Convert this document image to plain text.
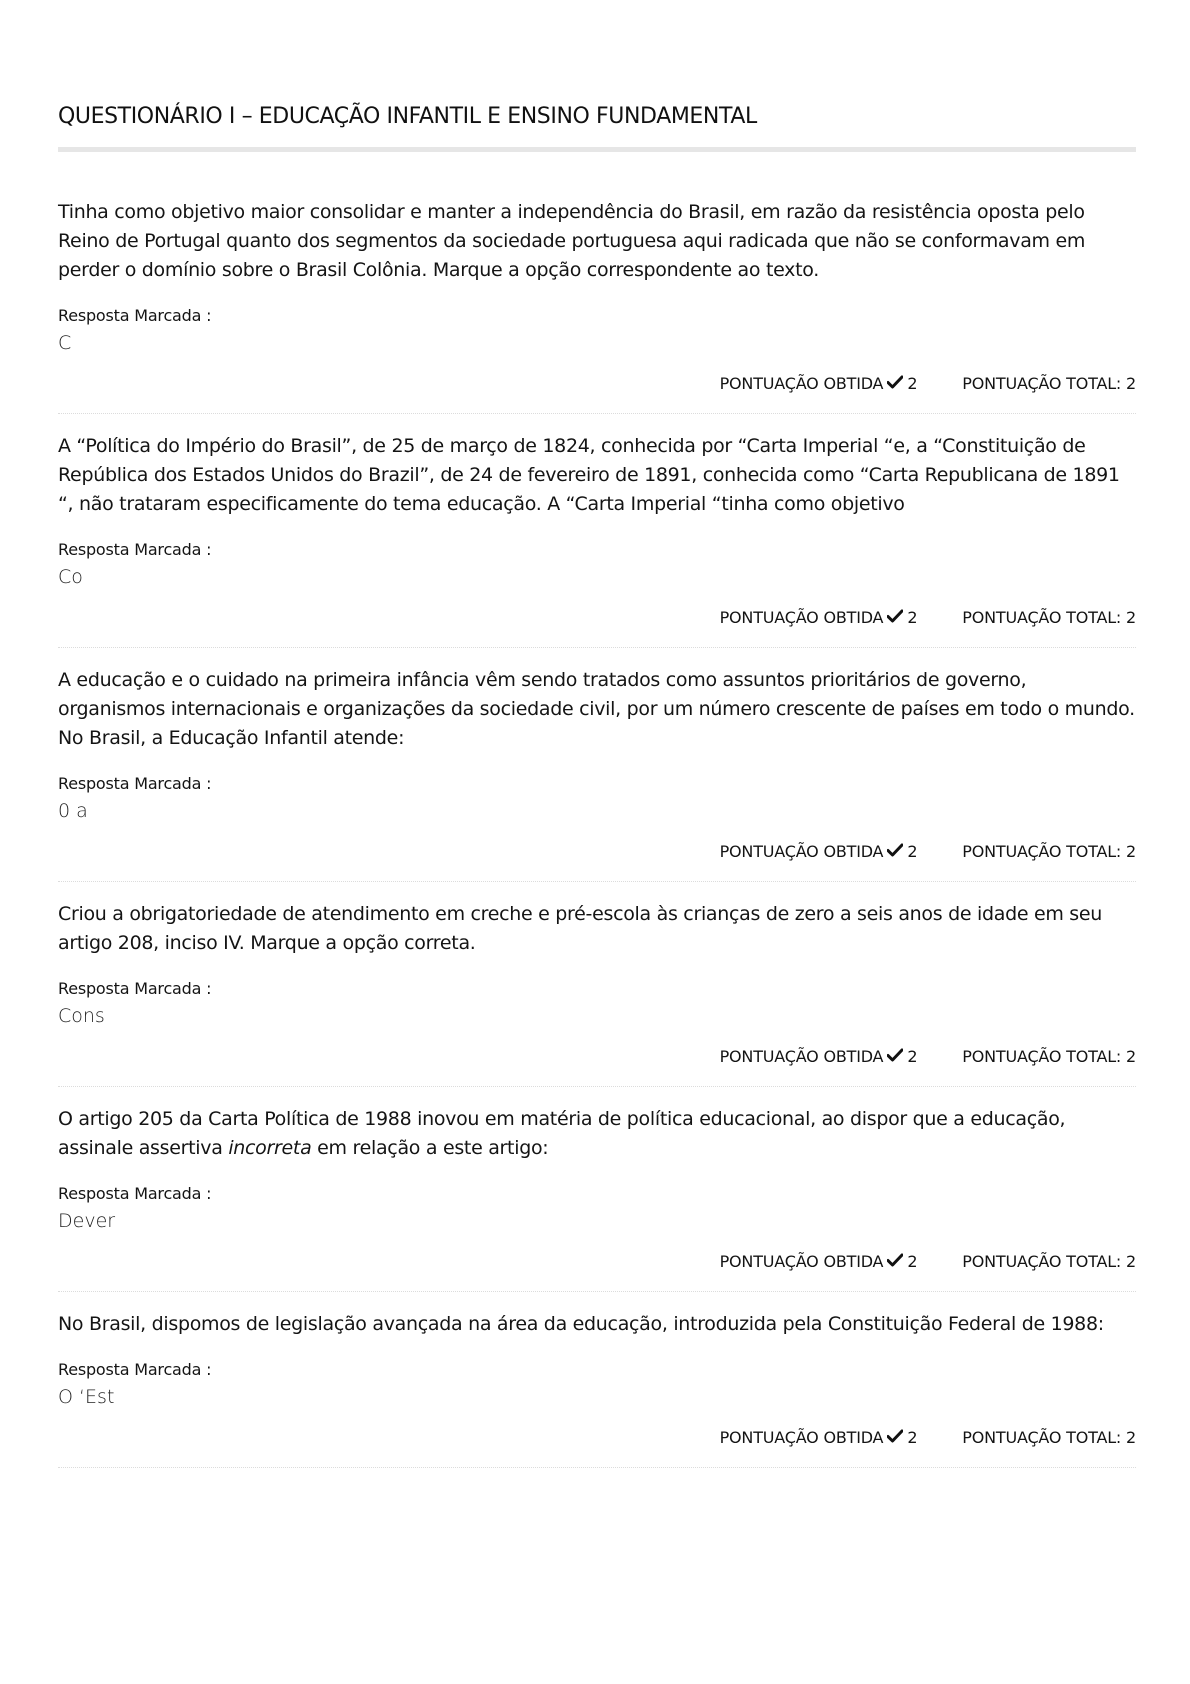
QUESTIONÁRIO I – EDUCAÇÃO INFANTIL E ENSINO FUNDAMENTAL

Tinha como objetivo maior consolidar e manter a independência do Brasil, em razão da resistência oposta pelo Reino de Portugal quanto dos segmentos da sociedade portuguesa aqui radicada que não se conformavam em perder o domínio sobre o Brasil Colônia. Marque a opção correspondente ao texto.

Resposta Marcada :
C
PONTUAÇÃO OBTIDA 2	PONTUAÇÃO TOTAL: 2

A “Política do Império do Brasil”, de 25 de março de 1824, conhecida por “Carta Imperial “e, a “Constituição de República dos Estados Unidos do Brazil”, de 24 de fevereiro de 1891, conhecida como “Carta Republicana de 1891 “, não trataram especificamente do tema educação. A “Carta Imperial “tinha como objetivo

Resposta Marcada :
Co
PONTUAÇÃO OBTIDA 2	PONTUAÇÃO TOTAL: 2

A educação e o cuidado na primeira infância vêm sendo tratados como assuntos prioritários de governo, organismos internacionais e organizações da sociedade civil, por um número crescente de países em todo o mundo. No Brasil, a Educação Infantil atende:

Resposta Marcada :
0 a
PONTUAÇÃO OBTIDA 2	PONTUAÇÃO TOTAL: 2

Criou a obrigatoriedade de atendimento em creche e pré-escola às crianças de zero a seis anos de idade em seu artigo 208, inciso IV. Marque a opção correta.

Resposta Marcada :
Cons
PONTUAÇÃO OBTIDA 2	PONTUAÇÃO TOTAL: 2

O artigo 205 da Carta Política de 1988 inovou em matéria de política educacional, ao dispor que a educação, assinale assertiva incorreta em relação a este artigo:

Resposta Marcada :
Dever
PONTUAÇÃO OBTIDA 2	PONTUAÇÃO TOTAL: 2

No Brasil, dispomos de legislação avançada na área da educação, introduzida pela Constituição Federal de 1988:

Resposta Marcada :
O ‘Est
PONTUAÇÃO OBTIDA 2	PONTUAÇÃO TOTAL: 2
